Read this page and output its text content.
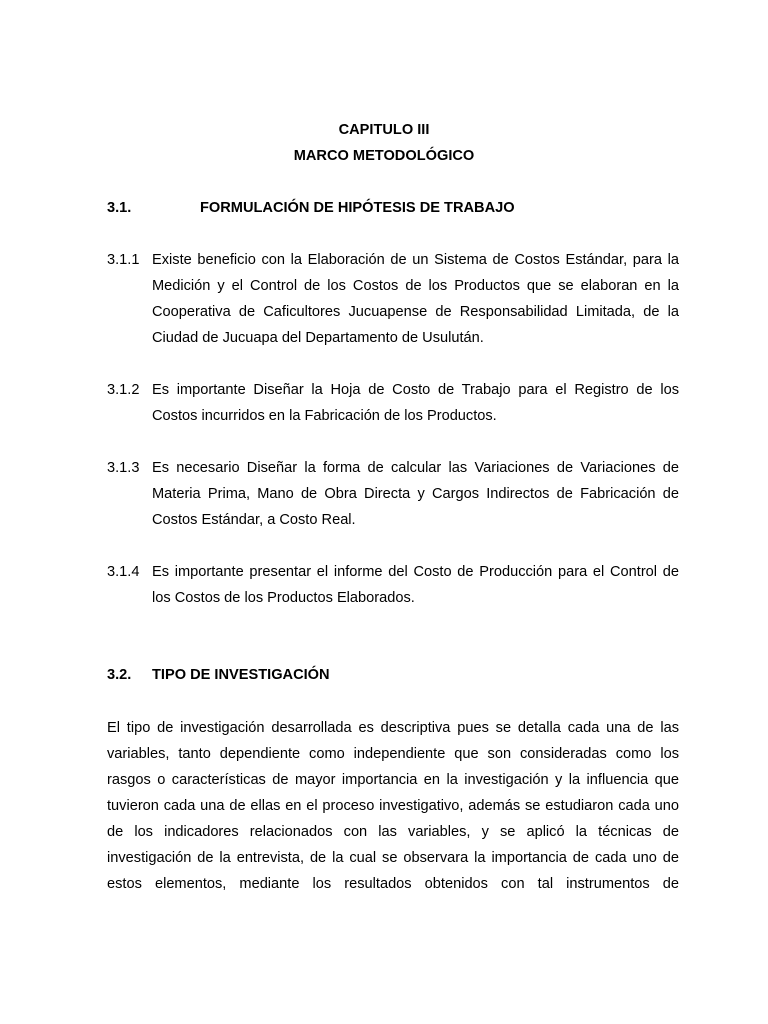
CAPITULO III
MARCO METODOLÓGICO
3.1.	FORMULACIÓN DE HIPÓTESIS DE TRABAJO
3.1.1 Existe beneficio con la Elaboración de un Sistema de Costos Estándar, para la Medición y el Control de los Costos de los Productos que se elaboran en la Cooperativa de Caficultores Jucuapense de Responsabilidad Limitada, de la Ciudad de Jucuapa del Departamento de Usulután.
3.1.2 Es importante Diseñar la Hoja de Costo de Trabajo para el Registro de los Costos incurridos en la Fabricación de los Productos.
3.1.3 Es necesario Diseñar la forma de calcular las Variaciones de Variaciones de Materia Prima, Mano de Obra Directa y Cargos Indirectos de Fabricación de Costos Estándar, a Costo Real.
3.1.4 Es importante presentar el informe del Costo de Producción para el Control de los Costos de los Productos Elaborados.
3.2. TIPO DE INVESTIGACIÓN
El tipo de investigación desarrollada es descriptiva pues se detalla cada una de las variables, tanto dependiente como independiente que son consideradas como los rasgos o características de mayor importancia en la investigación y la influencia que tuvieron cada una de ellas en el proceso investigativo, además se estudiaron cada uno de los indicadores relacionados con las variables, y se aplicó la técnicas de investigación de la entrevista, de la cual se observara la importancia de cada uno de estos elementos, mediante los resultados obtenidos con tal instrumentos de
